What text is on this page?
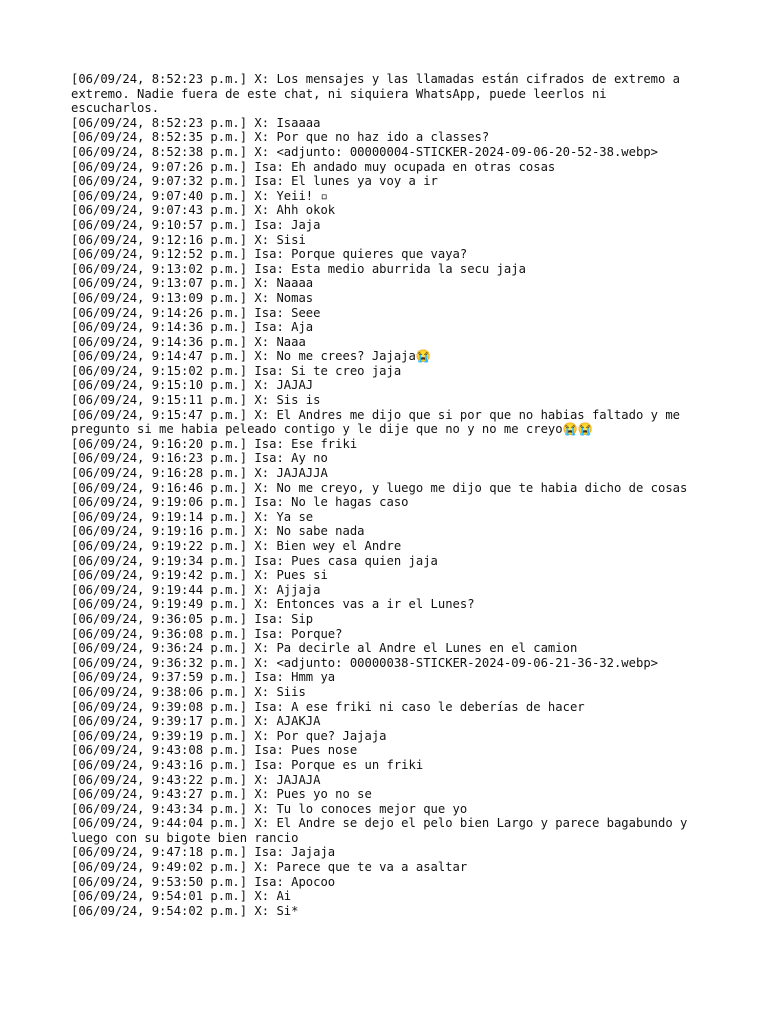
[06/09/24, 8:52:23 p.m.] X: Los mensajes y las llamadas están cifrados de extremo a extremo. Nadie fuera de este chat, ni siquiera WhatsApp, puede leerlos ni escucharlos.
[06/09/24, 8:52:23 p.m.] X: Isaaaa
[06/09/24, 8:52:35 p.m.] X: Por que no haz ido a classes?
[06/09/24, 8:52:38 p.m.] X: <adjunto: 00000004-STICKER-2024-09-06-20-52-38.webp>
[06/09/24, 9:07:26 p.m.] Isa: Eh andado muy ocupada en otras cosas
[06/09/24, 9:07:32 p.m.] Isa: El lunes ya voy a ir
[06/09/24, 9:07:40 p.m.] X: Yeii! ▫
[06/09/24, 9:07:43 p.m.] X: Ahh okok
[06/09/24, 9:10:57 p.m.] Isa: Jaja
[06/09/24, 9:12:16 p.m.] X: Sisi
[06/09/24, 9:12:52 p.m.] Isa: Porque quieres que vaya?
[06/09/24, 9:13:02 p.m.] Isa: Esta medio aburrida la secu jaja
[06/09/24, 9:13:07 p.m.] X: Naaaa
[06/09/24, 9:13:09 p.m.] X: Nomas
[06/09/24, 9:14:26 p.m.] Isa: Seee
[06/09/24, 9:14:36 p.m.] Isa: Aja
[06/09/24, 9:14:36 p.m.] X: Naaa
[06/09/24, 9:14:47 p.m.] X: No me crees? Jajaja😭
[06/09/24, 9:15:02 p.m.] Isa: Si te creo jaja
[06/09/24, 9:15:10 p.m.] X: JAJAJ
[06/09/24, 9:15:11 p.m.] X: Sis is
[06/09/24, 9:15:47 p.m.] X: El Andres me dijo que si por que no habias faltado y me pregunto si me habia peleado contigo y le dije que no y no me creyo😭😭
[06/09/24, 9:16:20 p.m.] Isa: Ese friki
[06/09/24, 9:16:23 p.m.] Isa: Ay no
[06/09/24, 9:16:28 p.m.] X: JAJAJJA
[06/09/24, 9:16:46 p.m.] X: No me creyo, y luego me dijo que te habia dicho de cosas
[06/09/24, 9:19:06 p.m.] Isa: No le hagas caso
[06/09/24, 9:19:14 p.m.] X: Ya se
[06/09/24, 9:19:16 p.m.] X: No sabe nada
[06/09/24, 9:19:22 p.m.] X: Bien wey el Andre
[06/09/24, 9:19:34 p.m.] Isa: Pues casa quien jaja
[06/09/24, 9:19:42 p.m.] X: Pues si
[06/09/24, 9:19:44 p.m.] X: Ajjaja
[06/09/24, 9:19:49 p.m.] X: Entonces vas a ir el Lunes?
[06/09/24, 9:36:05 p.m.] Isa: Sip
[06/09/24, 9:36:08 p.m.] Isa: Porque?
[06/09/24, 9:36:24 p.m.] X: Pa decirle al Andre el Lunes en el camion
[06/09/24, 9:36:32 p.m.] X: <adjunto: 00000038-STICKER-2024-09-06-21-36-32.webp>
[06/09/24, 9:37:59 p.m.] Isa: Hmm ya
[06/09/24, 9:38:06 p.m.] X: Siis
[06/09/24, 9:39:08 p.m.] Isa: A ese friki ni caso le deberías de hacer
[06/09/24, 9:39:17 p.m.] X: AJAKJA
[06/09/24, 9:39:19 p.m.] X: Por que? Jajaja
[06/09/24, 9:43:08 p.m.] Isa: Pues nose
[06/09/24, 9:43:16 p.m.] Isa: Porque es un friki
[06/09/24, 9:43:22 p.m.] X: JAJAJA
[06/09/24, 9:43:27 p.m.] X: Pues yo no se
[06/09/24, 9:43:34 p.m.] X: Tu lo conoces mejor que yo
[06/09/24, 9:44:04 p.m.] X: El Andre se dejo el pelo bien Largo y parece bagabundo y luego con su bigote bien rancio
[06/09/24, 9:47:18 p.m.] Isa: Jajaja
[06/09/24, 9:49:02 p.m.] X: Parece que te va a asaltar
[06/09/24, 9:53:50 p.m.] Isa: Apocoo
[06/09/24, 9:54:01 p.m.] X: Ai
[06/09/24, 9:54:02 p.m.] X: Si*
